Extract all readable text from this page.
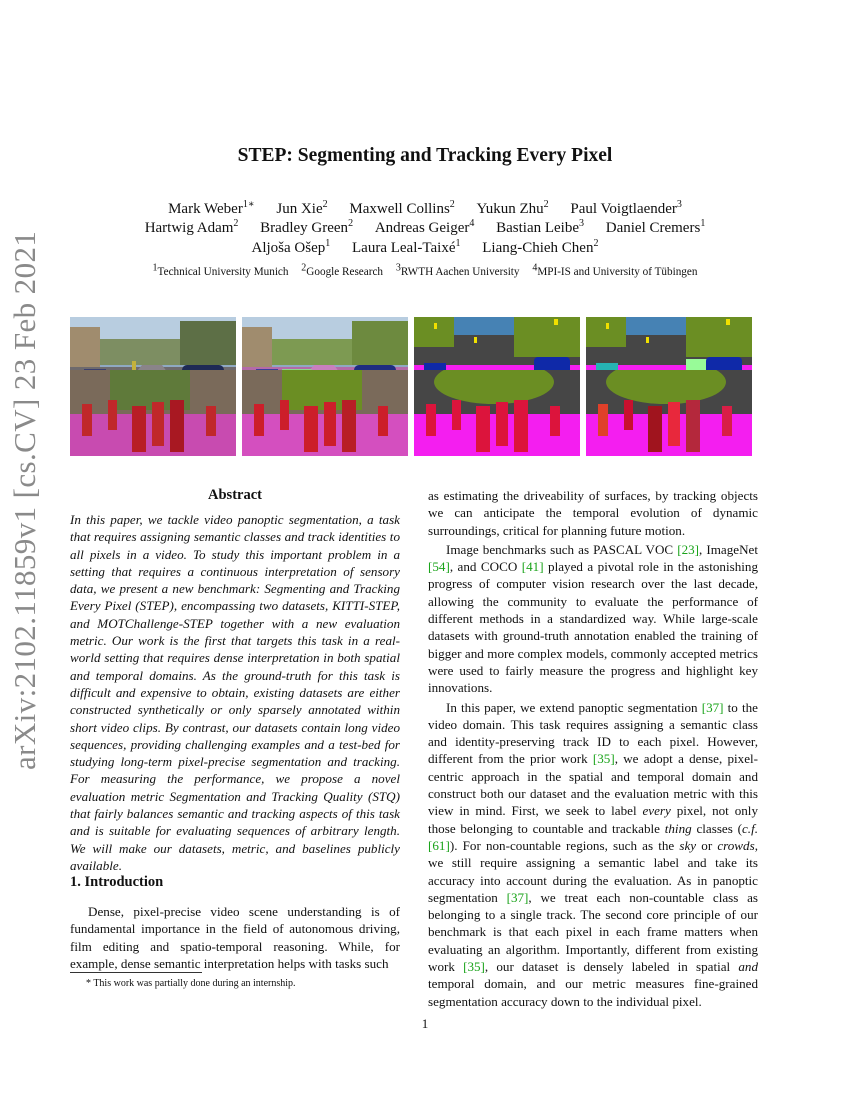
arXiv:2102.11859v1 [cs.CV] 23 Feb 2021
STEP: Segmenting and Tracking Every Pixel
Mark Weber$^{1∗}$ Jun Xie$^2$ Maxwell Collins$^2$ Yukun Zhu$^2$ Paul Voigtlaender$^3$
Hartwig Adam$^2$ Bradley Green$^2$ Andreas Geiger$^4$ Bastian Leibe$^3$ Daniel Cremers$^1$
Aljoša Ošep$^1$ Laura Leal-Taixé$^1$ Liang-Chieh Chen$^2$
$^1$Technical University Munich $^2$Google Research $^3$RWTH Aachen University $^4$MPI-IS and University of Tübingen
Abstract
In this paper, we tackle video panoptic segmentation, a task that requires assigning semantic classes and track identities to all pixels in a video. To study this important problem in a setting that requires a continuous interpretation of sensory data, we present a new benchmark: Segmenting and Tracking Every Pixel (STEP), encompassing two datasets, KITTI-STEP, and MOTChallenge-STEP together with a new evaluation metric. Our work is the first that targets this task in a real-world setting that requires dense interpretation in both spatial and temporal domains. As the ground-truth for this task is difficult and expensive to obtain, existing datasets are either constructed synthetically or only sparsely annotated within short video clips. By contrast, our datasets contain long video sequences, providing challenging examples and a test-bed for studying long-term pixel-precise segmentation and tracking. For measuring the performance, we propose a novel evaluation metric Segmentation and Tracking Quality (STQ) that fairly balances semantic and tracking aspects of this task and is suitable for evaluating sequences of arbitrary length. We will make our datasets, metric, and baselines publicly available.
1. Introduction
Dense, pixel-precise video scene understanding is of fundamental importance in the field of autonomous driving, film editing and spatio-temporal reasoning. While, for example, dense semantic interpretation helps with tasks such
* This work was partially done during an internship.

as estimating the driveability of surfaces, by tracking objects we can anticipate the temporal evolution of dynamic surroundings, critical for planning future motion.

Image benchmarks such as PASCAL VOC [23], ImageNet [54], and COCO [41] played a pivotal role in the astonishing progress of computer vision research over the last decade, allowing the community to evaluate the performance of different methods in a standardized way. While large-scale datasets with ground-truth annotation enabled the training of bigger and more complex models, commonly accepted metrics were used to fairly measure the progress and highlight key innovations.

In this paper, we extend panoptic segmentation [37] to the video domain. This task requires assigning a semantic class and identity-preserving track ID to each pixel. However, different from the prior work [35], we adopt a dense, pixel-centric approach in the spatial and temporal domain and construct both our dataset and the evaluation metric with this view in mind. First, we seek to label every pixel, not only those belonging to countable and trackable thing classes (c.f. [61]). For non-countable regions, such as the sky or crowds, we still require assigning a semantic label and take its accuracy into account during the evaluation. As in panoptic segmentation [37], we treat each non-countable class as belonging to a single track. The second core principle of our benchmark is that each pixel in each frame matters when evaluating an algorithm. Importantly, different from existing work [35], our dataset is densely labeled in spatial and temporal domain, and our metric measures fine-grained segmentation accuracy down to the individual pixel.

1
